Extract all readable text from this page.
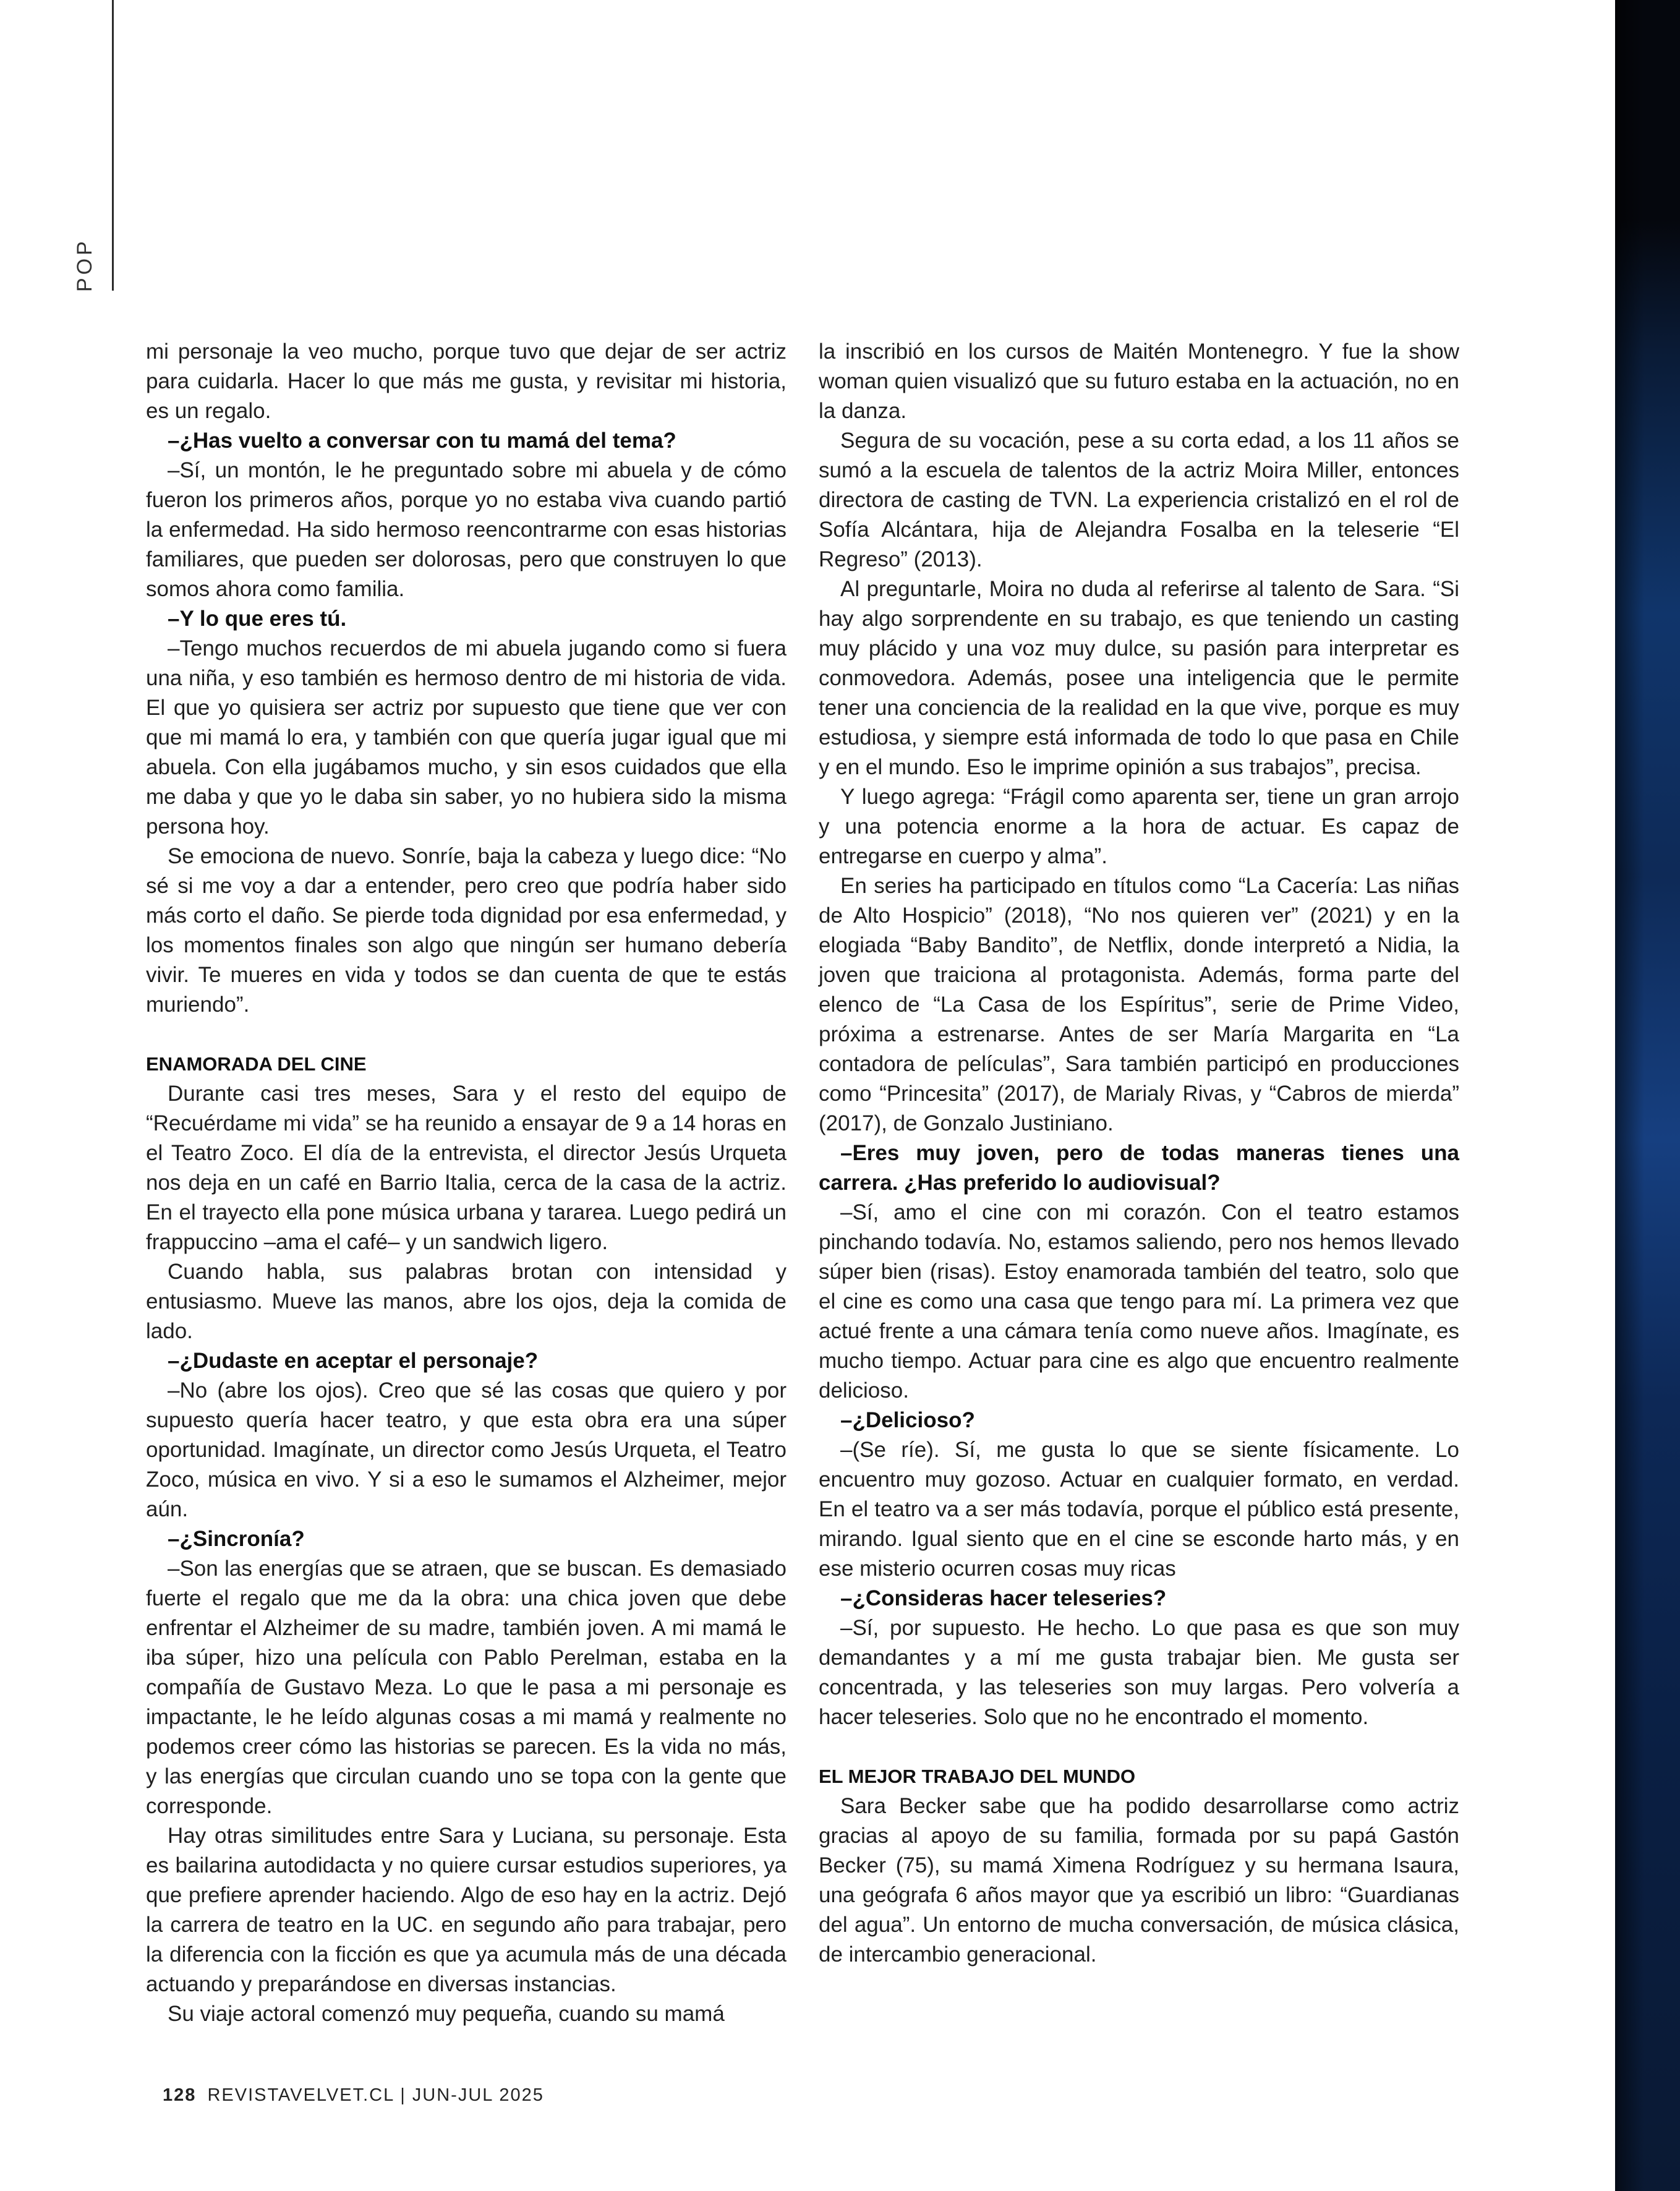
POP

mi personaje la veo mucho, porque tuvo que dejar de ser actriz para cuidarla. Hacer lo que más me gusta, y revisitar mi historia, es un regalo.

–¿Has vuelto a conversar con tu mamá del tema?

–Sí, un montón, le he preguntado sobre mi abuela y de cómo fueron los primeros años, porque yo no estaba viva cuando partió la enfermedad. Ha sido hermoso reencontrarme con esas historias familiares, que pueden ser dolorosas, pero que construyen lo que somos ahora como familia.

–Y lo que eres tú.

–Tengo muchos recuerdos de mi abuela jugando como si fuera una niña, y eso también es hermoso dentro de mi historia de vida. El que yo quisiera ser actriz por supuesto que tiene que ver con que mi mamá lo era, y también con que quería jugar igual que mi abuela. Con ella jugábamos mucho, y sin esos cuidados que ella me daba y que yo le daba sin saber, yo no hubiera sido la misma persona hoy.

Se emociona de nuevo. Sonríe, baja la cabeza y luego dice: “No sé si me voy a dar a entender, pero creo que podría haber sido más corto el daño. Se pierde toda dignidad por esa enfermedad, y los momentos finales son algo que ningún ser humano debería vivir. Te mueres en vida y todos se dan cuenta de que te estás muriendo”.

ENAMORADA DEL CINE

Durante casi tres meses, Sara y el resto del equipo de “Recuérdame mi vida” se ha reunido a ensayar de 9 a 14 horas en el Teatro Zoco. El día de la entrevista, el director Jesús Urqueta nos deja en un café en Barrio Italia, cerca de la casa de la actriz. En el trayecto ella pone música urbana y tararea. Luego pedirá un frappuccino –ama el café– y un sandwich ligero.

Cuando habla, sus palabras brotan con intensidad y entusiasmo. Mueve las manos, abre los ojos, deja la comida de lado.

–¿Dudaste en aceptar el personaje?

–No (abre los ojos). Creo que sé las cosas que quiero y por supuesto quería hacer teatro, y que esta obra era una súper oportunidad. Imagínate, un director como Jesús Urqueta, el Teatro Zoco, música en vivo. Y si a eso le sumamos el Alzheimer, mejor aún.

–¿Sincronía?

–Son las energías que se atraen, que se buscan. Es demasiado fuerte el regalo que me da la obra: una chica joven que debe enfrentar el Alzheimer de su madre, también joven. A mi mamá le iba súper, hizo una película con Pablo Perelman, estaba en la compañía de Gustavo Meza. Lo que le pasa a mi personaje es impactante, le he leído algunas cosas a mi mamá y realmente no podemos creer cómo las historias se parecen. Es la vida no más, y las energías que circulan cuando uno se topa con la gente que corresponde.

Hay otras similitudes entre Sara y Luciana, su personaje. Esta es bailarina autodidacta y no quiere cursar estudios superiores, ya que prefiere aprender haciendo. Algo de eso hay en la actriz. Dejó la carrera de teatro en la UC. en segundo año para trabajar, pero la diferencia con la ficción es que ya acumula más de una década actuando y preparándose en diversas instancias.

Su viaje actoral comenzó muy pequeña, cuando su mamá

la inscribió en los cursos de Maitén Montenegro. Y fue la show woman quien visualizó que su futuro estaba en la actuación, no en la danza.

Segura de su vocación, pese a su corta edad, a los 11 años se sumó a la escuela de talentos de la actriz Moira Miller, entonces directora de casting de TVN. La experiencia cristalizó en el rol de Sofía Alcántara, hija de Alejandra Fosalba en la teleserie “El Regreso” (2013).

Al preguntarle, Moira no duda al referirse al talento de Sara. “Si hay algo sorprendente en su trabajo, es que teniendo un casting muy plácido y una voz muy dulce, su pasión para interpretar es conmovedora. Además, posee una inteligencia que le permite tener una conciencia de la realidad en la que vive, porque es muy estudiosa, y siempre está informada de todo lo que pasa en Chile y en el mundo. Eso le imprime opinión a sus trabajos”, precisa.

Y luego agrega: “Frágil como aparenta ser, tiene un gran arrojo y una potencia enorme a la hora de actuar. Es capaz de entregarse en cuerpo y alma”.

En series ha participado en títulos como “La Cacería: Las niñas de Alto Hospicio” (2018), “No nos quieren ver” (2021) y en la elogiada “Baby Bandito”, de Netflix, donde interpretó a Nidia, la joven que traiciona al protagonista. Además, forma parte del elenco de “La Casa de los Espíritus”, serie de Prime Video, próxima a estrenarse. Antes de ser María Margarita en “La contadora de películas”, Sara también participó en producciones como “Princesita” (2017), de Marialy Rivas, y “Cabros de mierda” (2017), de Gonzalo Justiniano.

–Eres muy joven, pero de todas maneras tienes una carrera. ¿Has preferido lo audiovisual?

–Sí, amo el cine con mi corazón. Con el teatro estamos pinchando todavía. No, estamos saliendo, pero nos hemos llevado súper bien (risas). Estoy enamorada también del teatro, solo que el cine es como una casa que tengo para mí. La primera vez que actué frente a una cámara tenía como nueve años. Imagínate, es mucho tiempo. Actuar para cine es algo que encuentro realmente delicioso.

–¿Delicioso?

–(Se ríe). Sí, me gusta lo que se siente físicamente. Lo encuentro muy gozoso. Actuar en cualquier formato, en verdad. En el teatro va a ser más todavía, porque el público está presente, mirando. Igual siento que en el cine se esconde harto más, y en ese misterio ocurren cosas muy ricas

–¿Consideras hacer teleseries?

–Sí, por supuesto. He hecho. Lo que pasa es que son muy demandantes y a mí me gusta trabajar bien. Me gusta ser concentrada, y las teleseries son muy largas. Pero volvería a hacer teleseries. Solo que no he encontrado el momento.

EL MEJOR TRABAJO DEL MUNDO

Sara Becker sabe que ha podido desarrollarse como actriz gracias al apoyo de su familia, formada por su papá Gastón Becker (75), su mamá Ximena Rodríguez y su hermana Isaura, una geógrafa 6 años mayor que ya escribió un libro: “Guardianas del agua”. Un entorno de mucha conversación, de música clásica, de intercambio generacional.

128 REVISTAVELVET.CL | JUN-JUL 2025
